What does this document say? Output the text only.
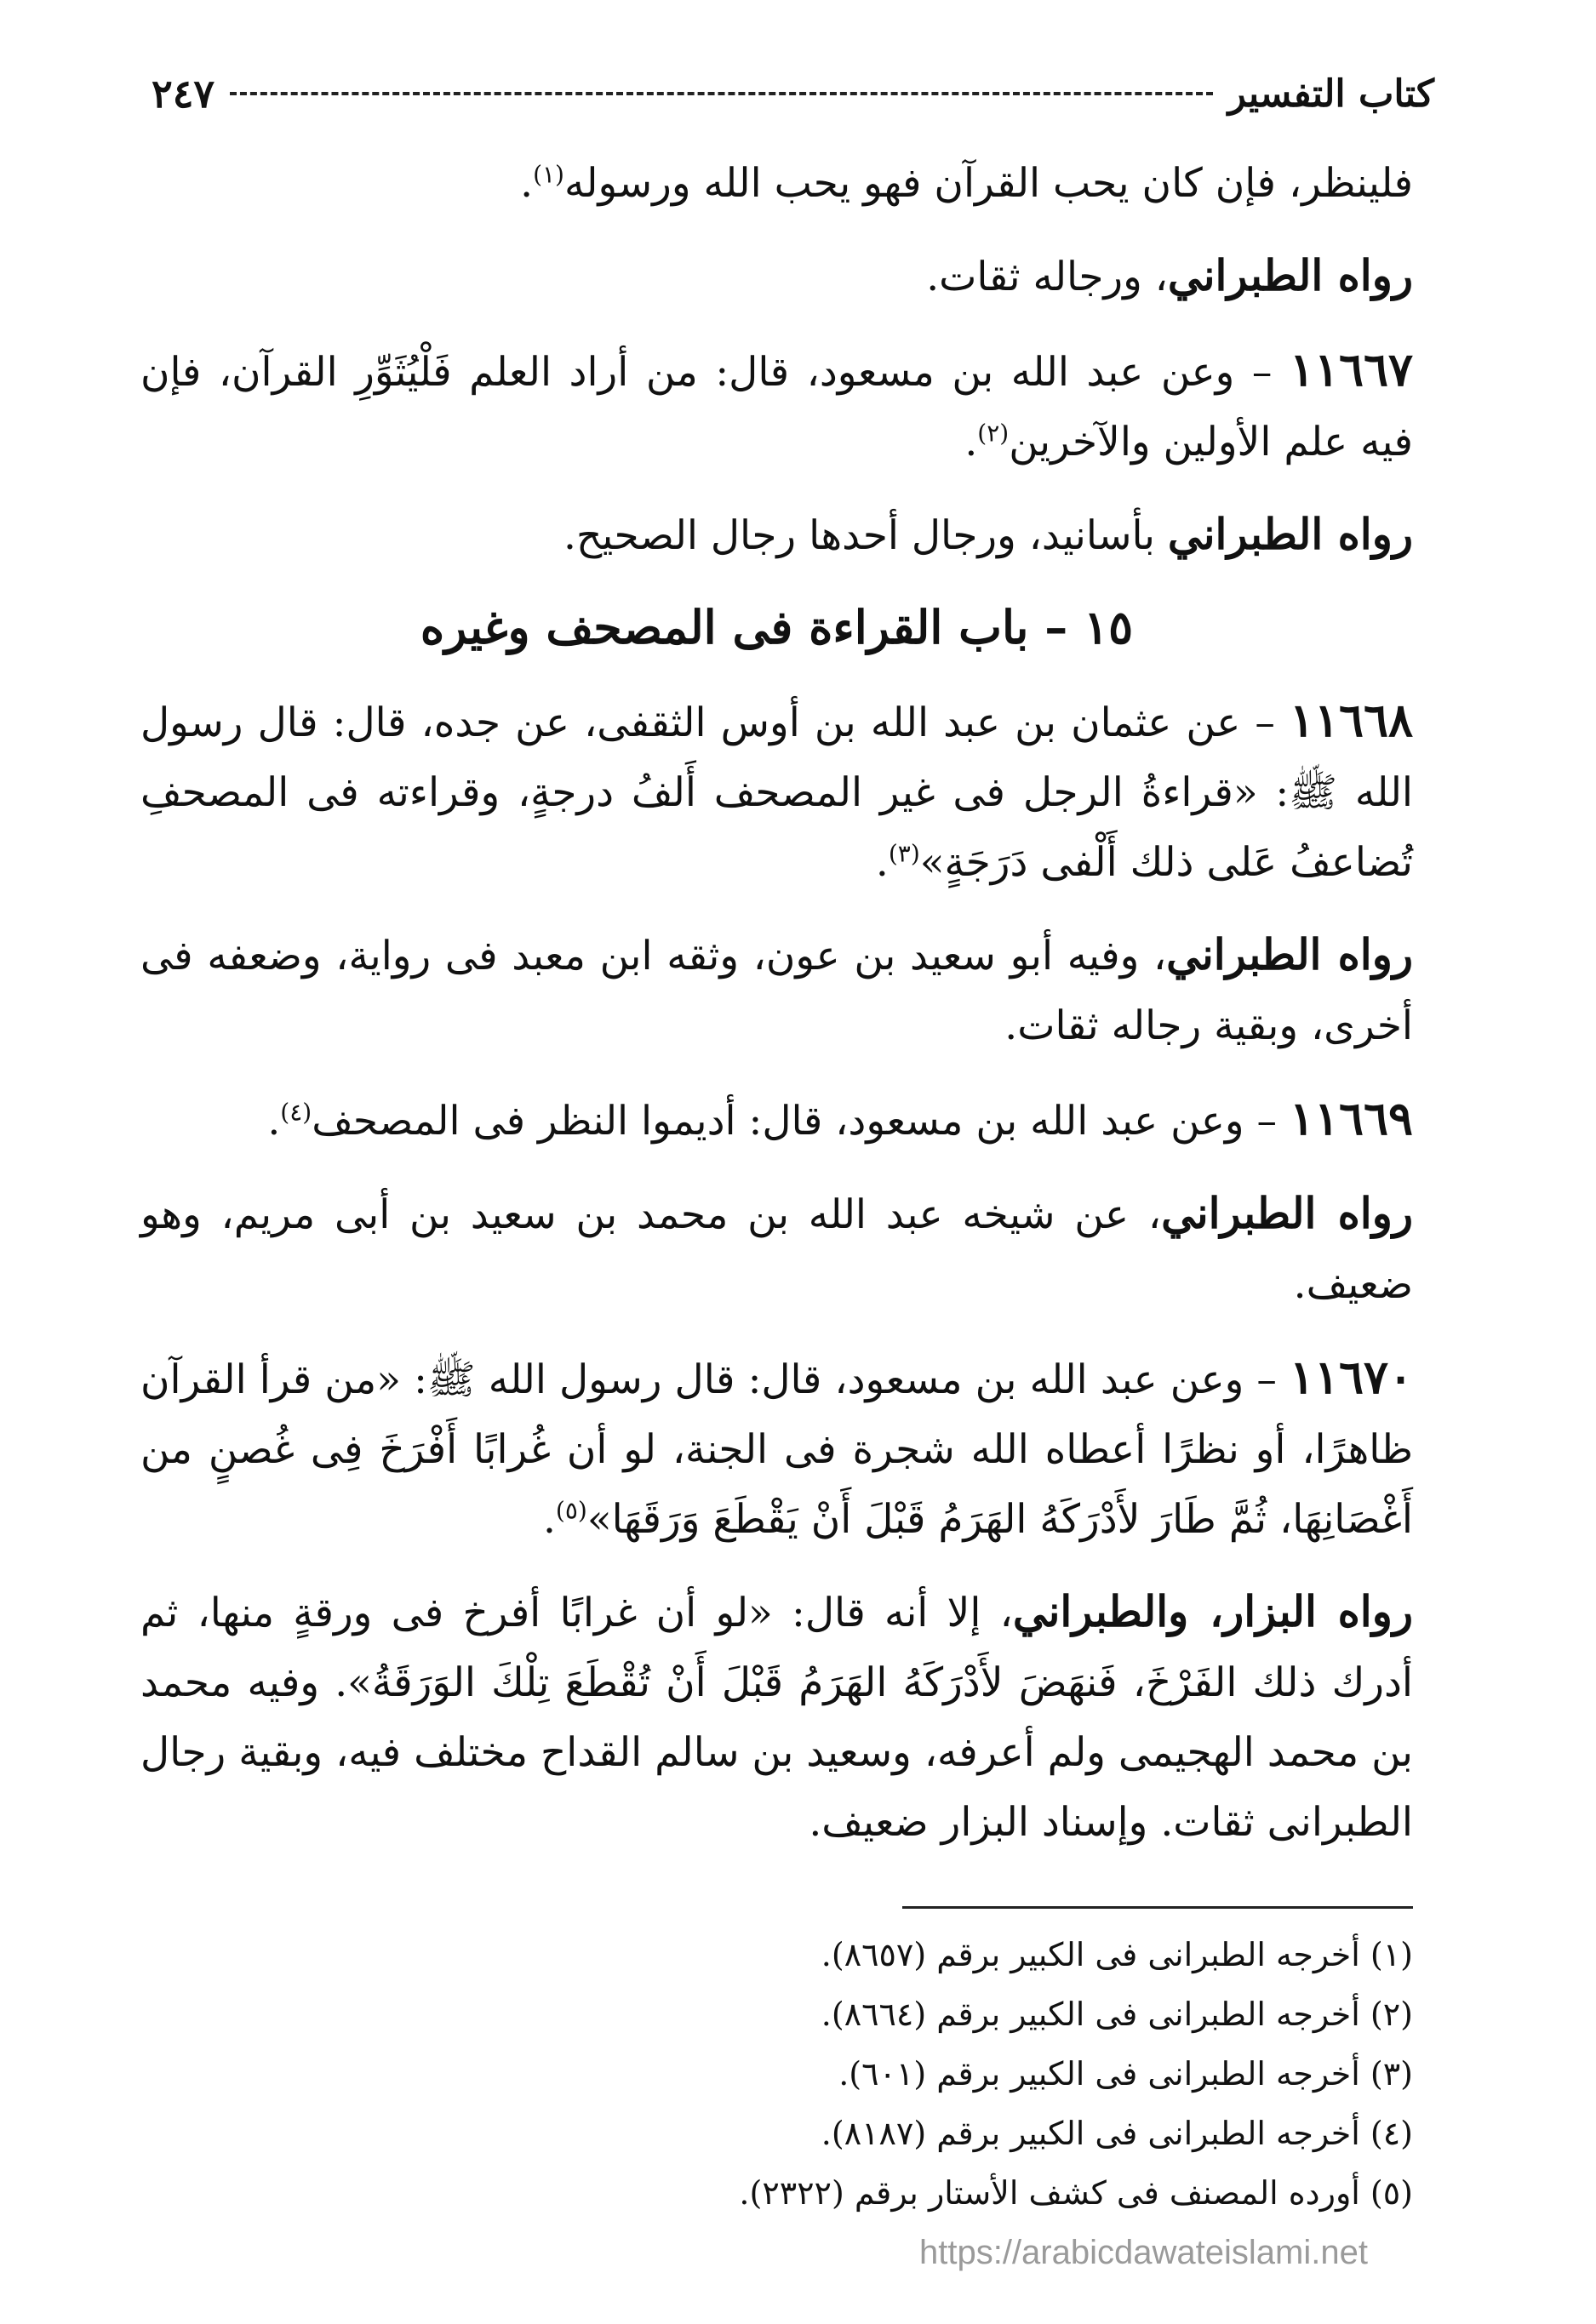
كتاب التفسير
٢٤٧

فلينظر، فإن كان يحب القرآن فهو يحب الله ورسوله$^{(١)}$.

رواه الطبراني، ورجاله ثقات.

١١٦٦٧ – وعن عبد الله بن مسعود، قال: من أراد العلم فَلْيُثَوِّرِ القرآن، فإن فيه علم الأولين والآخرين$^{(٢)}$.

رواه الطبراني بأسانيد، ورجال أحدها رجال الصحيح.

١٥ – باب القراءة فى المصحف وغيره

١١٦٦٨ – عن عثمان بن عبد الله بن أوس الثقفى، عن جده، قال: قال رسول الله ﷺ: «قراءةُ الرجل فى غير المصحف أَلفُ درجةٍ، وقراءته فى المصحفِ تُضاعفُ عَلى ذلك أَلْفى دَرَجَةٍ»$^{(٣)}$.

رواه الطبراني، وفيه أبو سعيد بن عون، وثقه ابن معبد فى رواية، وضعفه فى أخرى، وبقية رجاله ثقات.

١١٦٦٩ – وعن عبد الله بن مسعود، قال: أديموا النظر فى المصحف$^{(٤)}$.

رواه الطبراني، عن شيخه عبد الله بن محمد بن سعيد بن أبى مريم، وهو ضعيف.

١١٦٧٠ – وعن عبد الله بن مسعود، قال: قال رسول الله ﷺ: «من قرأ القرآن ظاهرًا، أو نظرًا أعطاه الله شجرة فى الجنة، لو أن غُرابًا أَفْرَخَ فِى غُصنٍ من أَغْصَانِهَا، ثُمَّ طَارَ لأَدْرَكَهُ الهَرَمُ قَبْلَ أَنْ يَقْطَعَ وَرَقَهَا»$^{(٥)}$.

رواه البزار، والطبراني، إلا أنه قال: «لو أن غرابًا أفرخ فى ورقةٍ منها، ثم أدرك ذلك الفَرْخَ، فَنهَضَ لأَدْرَكَهُ الهَرَمُ قَبْلَ أَنْ تُقْطَعَ تِلْكَ الوَرَقَةُ». وفيه محمد بن محمد الهجيمى ولم أعرفه، وسعيد بن سالم القداح مختلف فيه، وبقية رجال الطبرانى ثقات. وإسناد البزار ضعيف.

(١) أخرجه الطبرانى فى الكبير برقم (٨٦٥٧).
(٢) أخرجه الطبرانى فى الكبير برقم (٨٦٦٤).
(٣) أخرجه الطبرانى فى الكبير برقم (٦٠١).
(٤) أخرجه الطبرانى فى الكبير برقم (٨١٨٧).
(٥) أورده المصنف فى كشف الأستار برقم (٢٣٢٢).
https://arabicdawateislami.net
